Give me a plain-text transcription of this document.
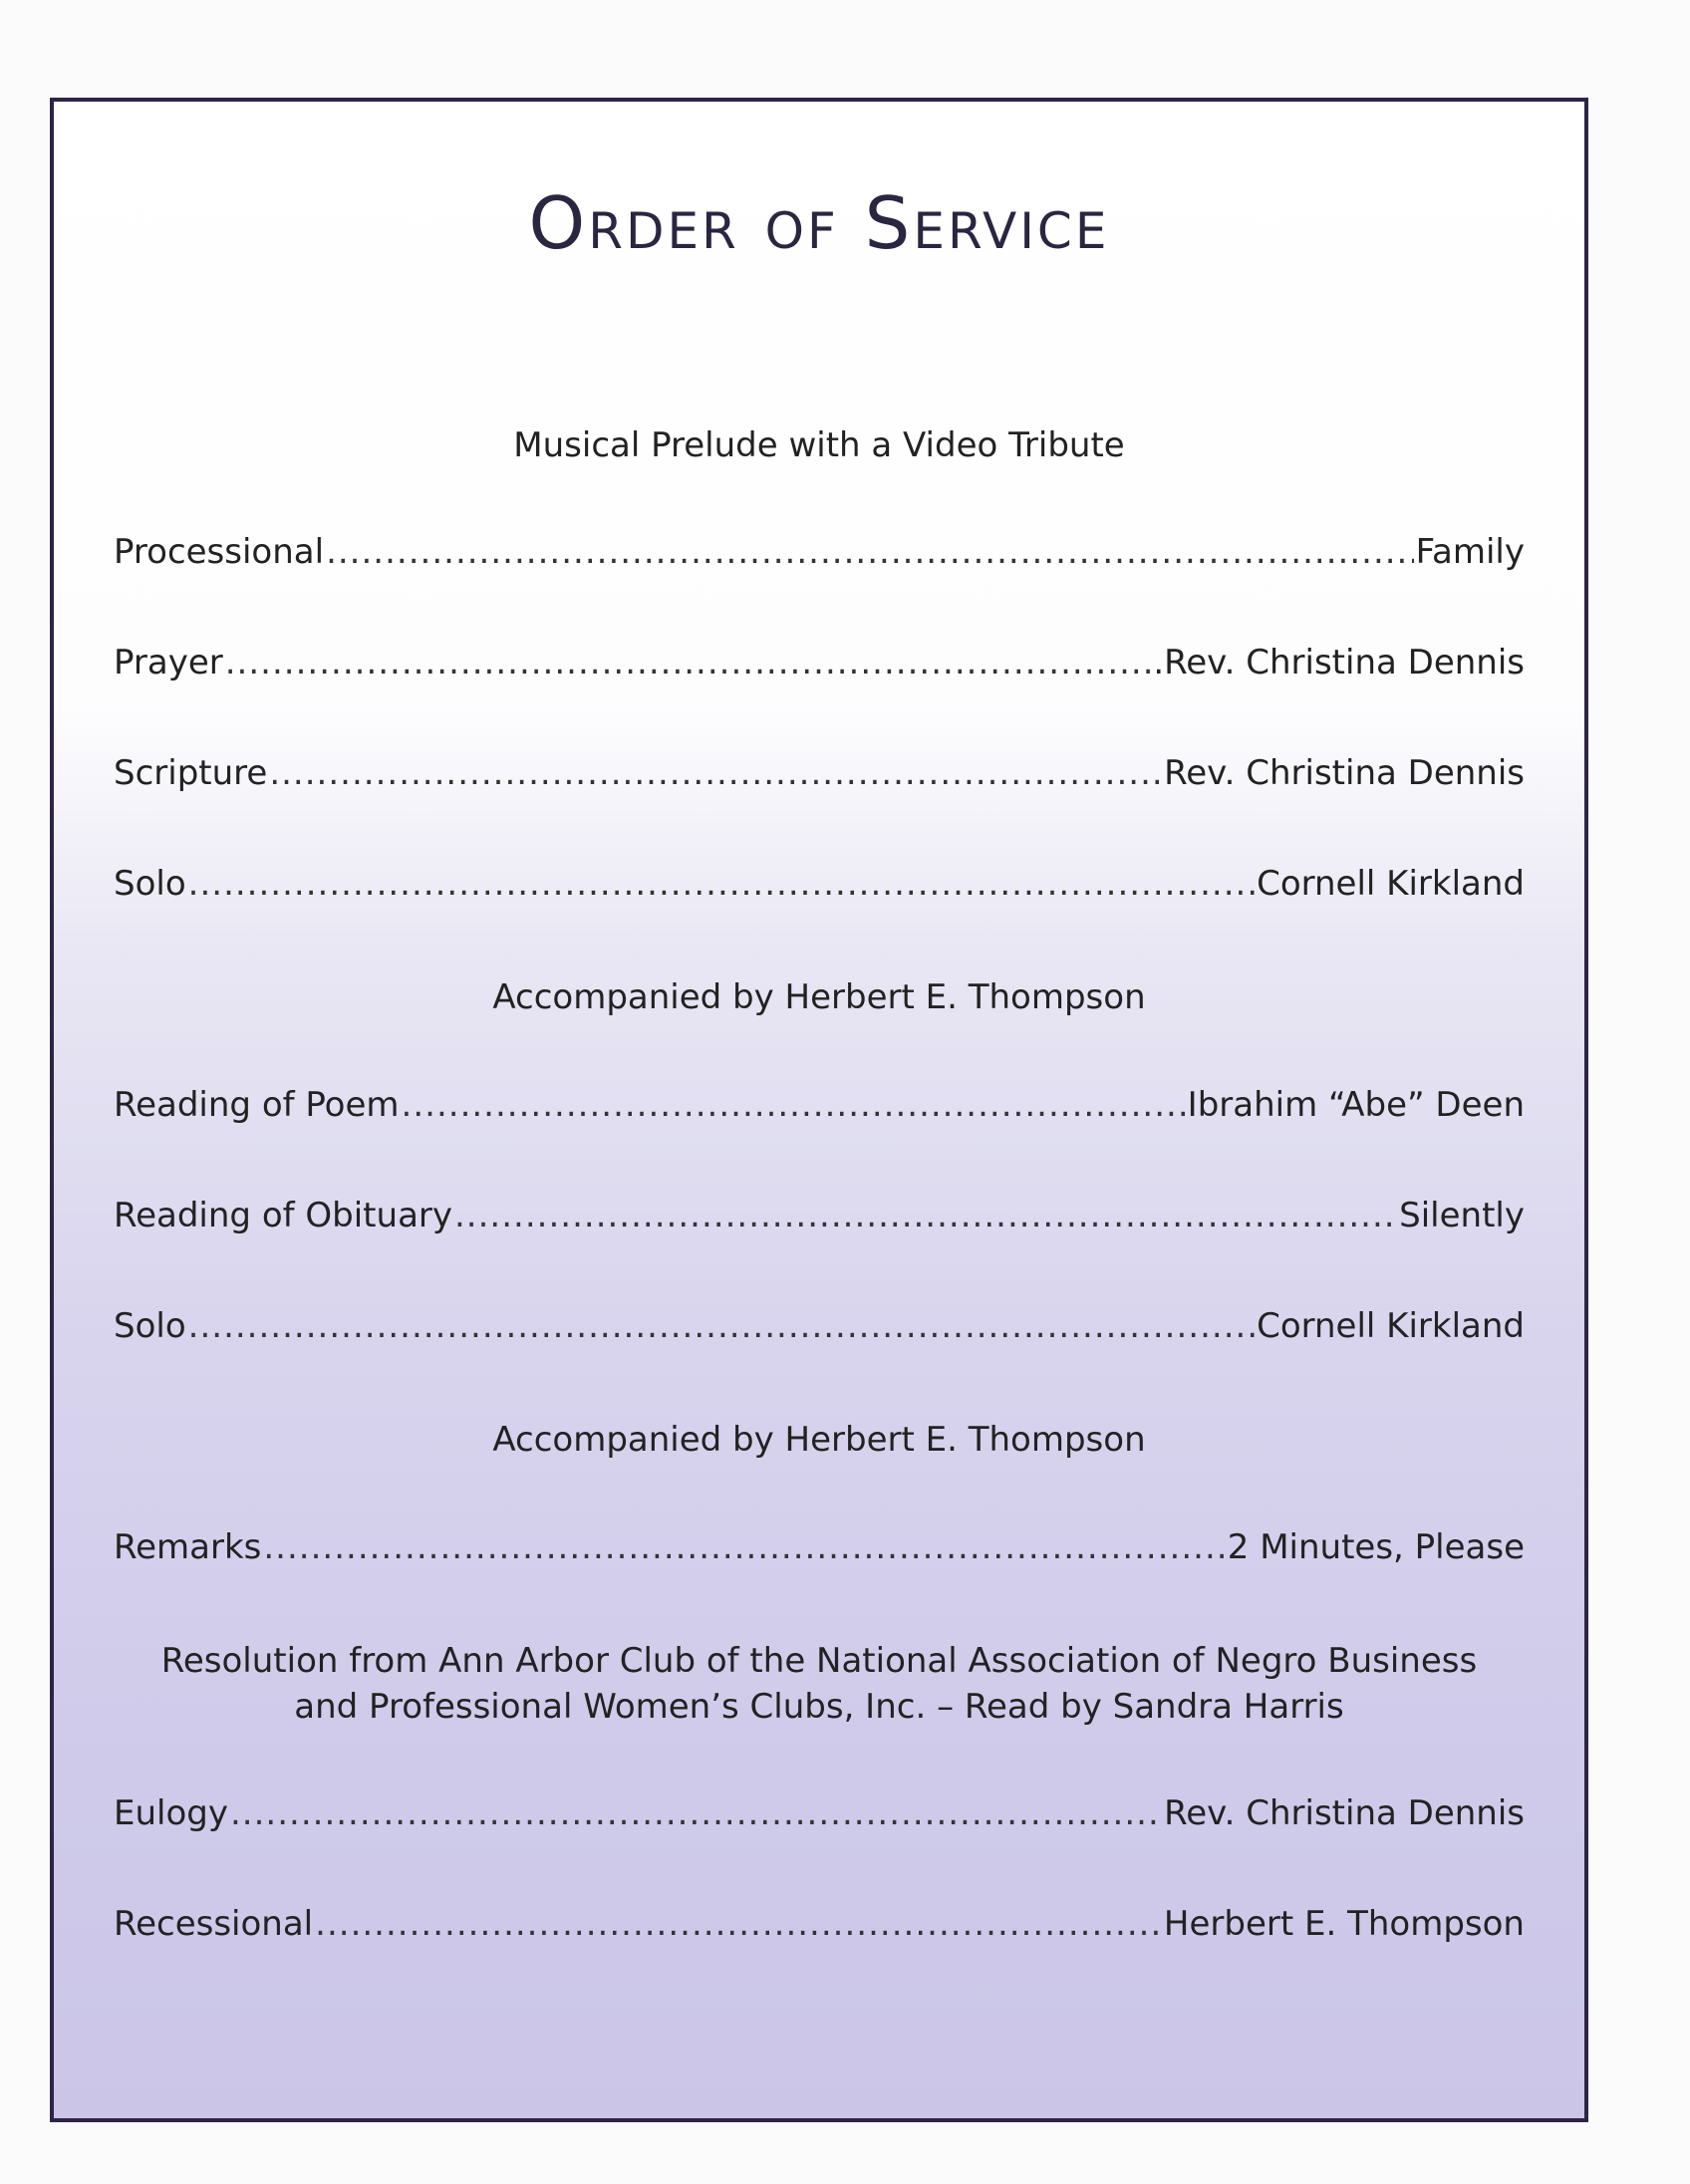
Order of Service
Musical Prelude with a Video Tribute
Processional .....	Family
Prayer .....	.Rev. Christina Dennis
Scripture .....	Rev. Christina Dennis
Solo .....	Cornell Kirkland
Accompanied by Herbert E. Thompson
Reading of Poem .....	Ibrahim “Abe” Deen
Reading of Obituary .....	Silently
Solo .....	Cornell Kirkland
Accompanied by Herbert E. Thompson
Remarks .....	2 Minutes, Please
Resolution from Ann Arbor Club of the National Association of Negro Business
and Professional Women’s Clubs, Inc. – Read by Sandra Harris
Eulogy .....	Rev. Christina Dennis
Recessional .....	Herbert E. Thompson
